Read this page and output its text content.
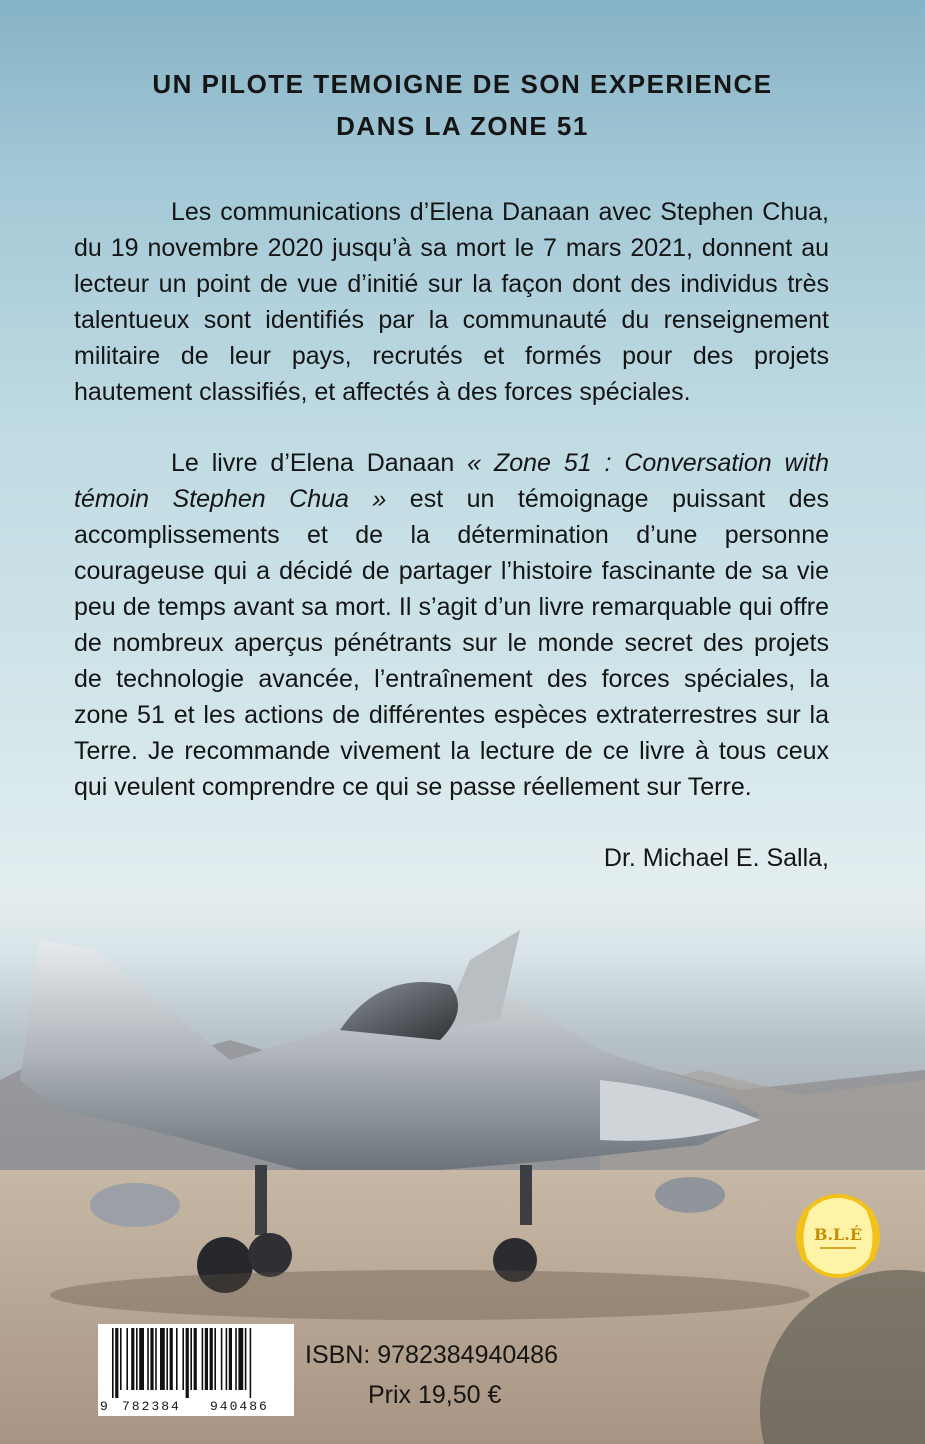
UN PILOTE TEMOIGNE DE SON EXPERIENCE
DANS LA ZONE 51

Les communications d’Elena Danaan avec Stephen Chua, du 19 novembre 2020 jusqu’à sa mort le 7 mars 2021, donnent au lecteur un point de vue d’initié sur la façon dont des individus très talentueux sont identifiés par la communauté du renseignement militaire de leur pays, recrutés et formés pour des projets hautement classifiés, et affectés à des forces spéciales.

Le livre d’Elena Danaan « Zone 51 : Conversation with témoin Stephen Chua » est un témoignage puissant des accomplissements et de la détermination d’une personne courageuse qui a décidé de partager l’histoire fascinante de sa vie peu de temps avant sa mort. Il s’agit d’un livre remarquable qui offre de nombreux aperçus pénétrants sur le monde secret des projets de technologie avancée, l’entraînement des forces spéciales, la zone 51 et les actions de différentes espèces extraterrestres sur la Terre. Je recommande vivement la lecture de ce livre à tous ceux qui veulent comprendre ce qui se passe réellement sur Terre.

Dr. Michael E. Salla,

B.L.É
9 782384 940486

ISBN: 9782384940486

Prix 19,50 €
